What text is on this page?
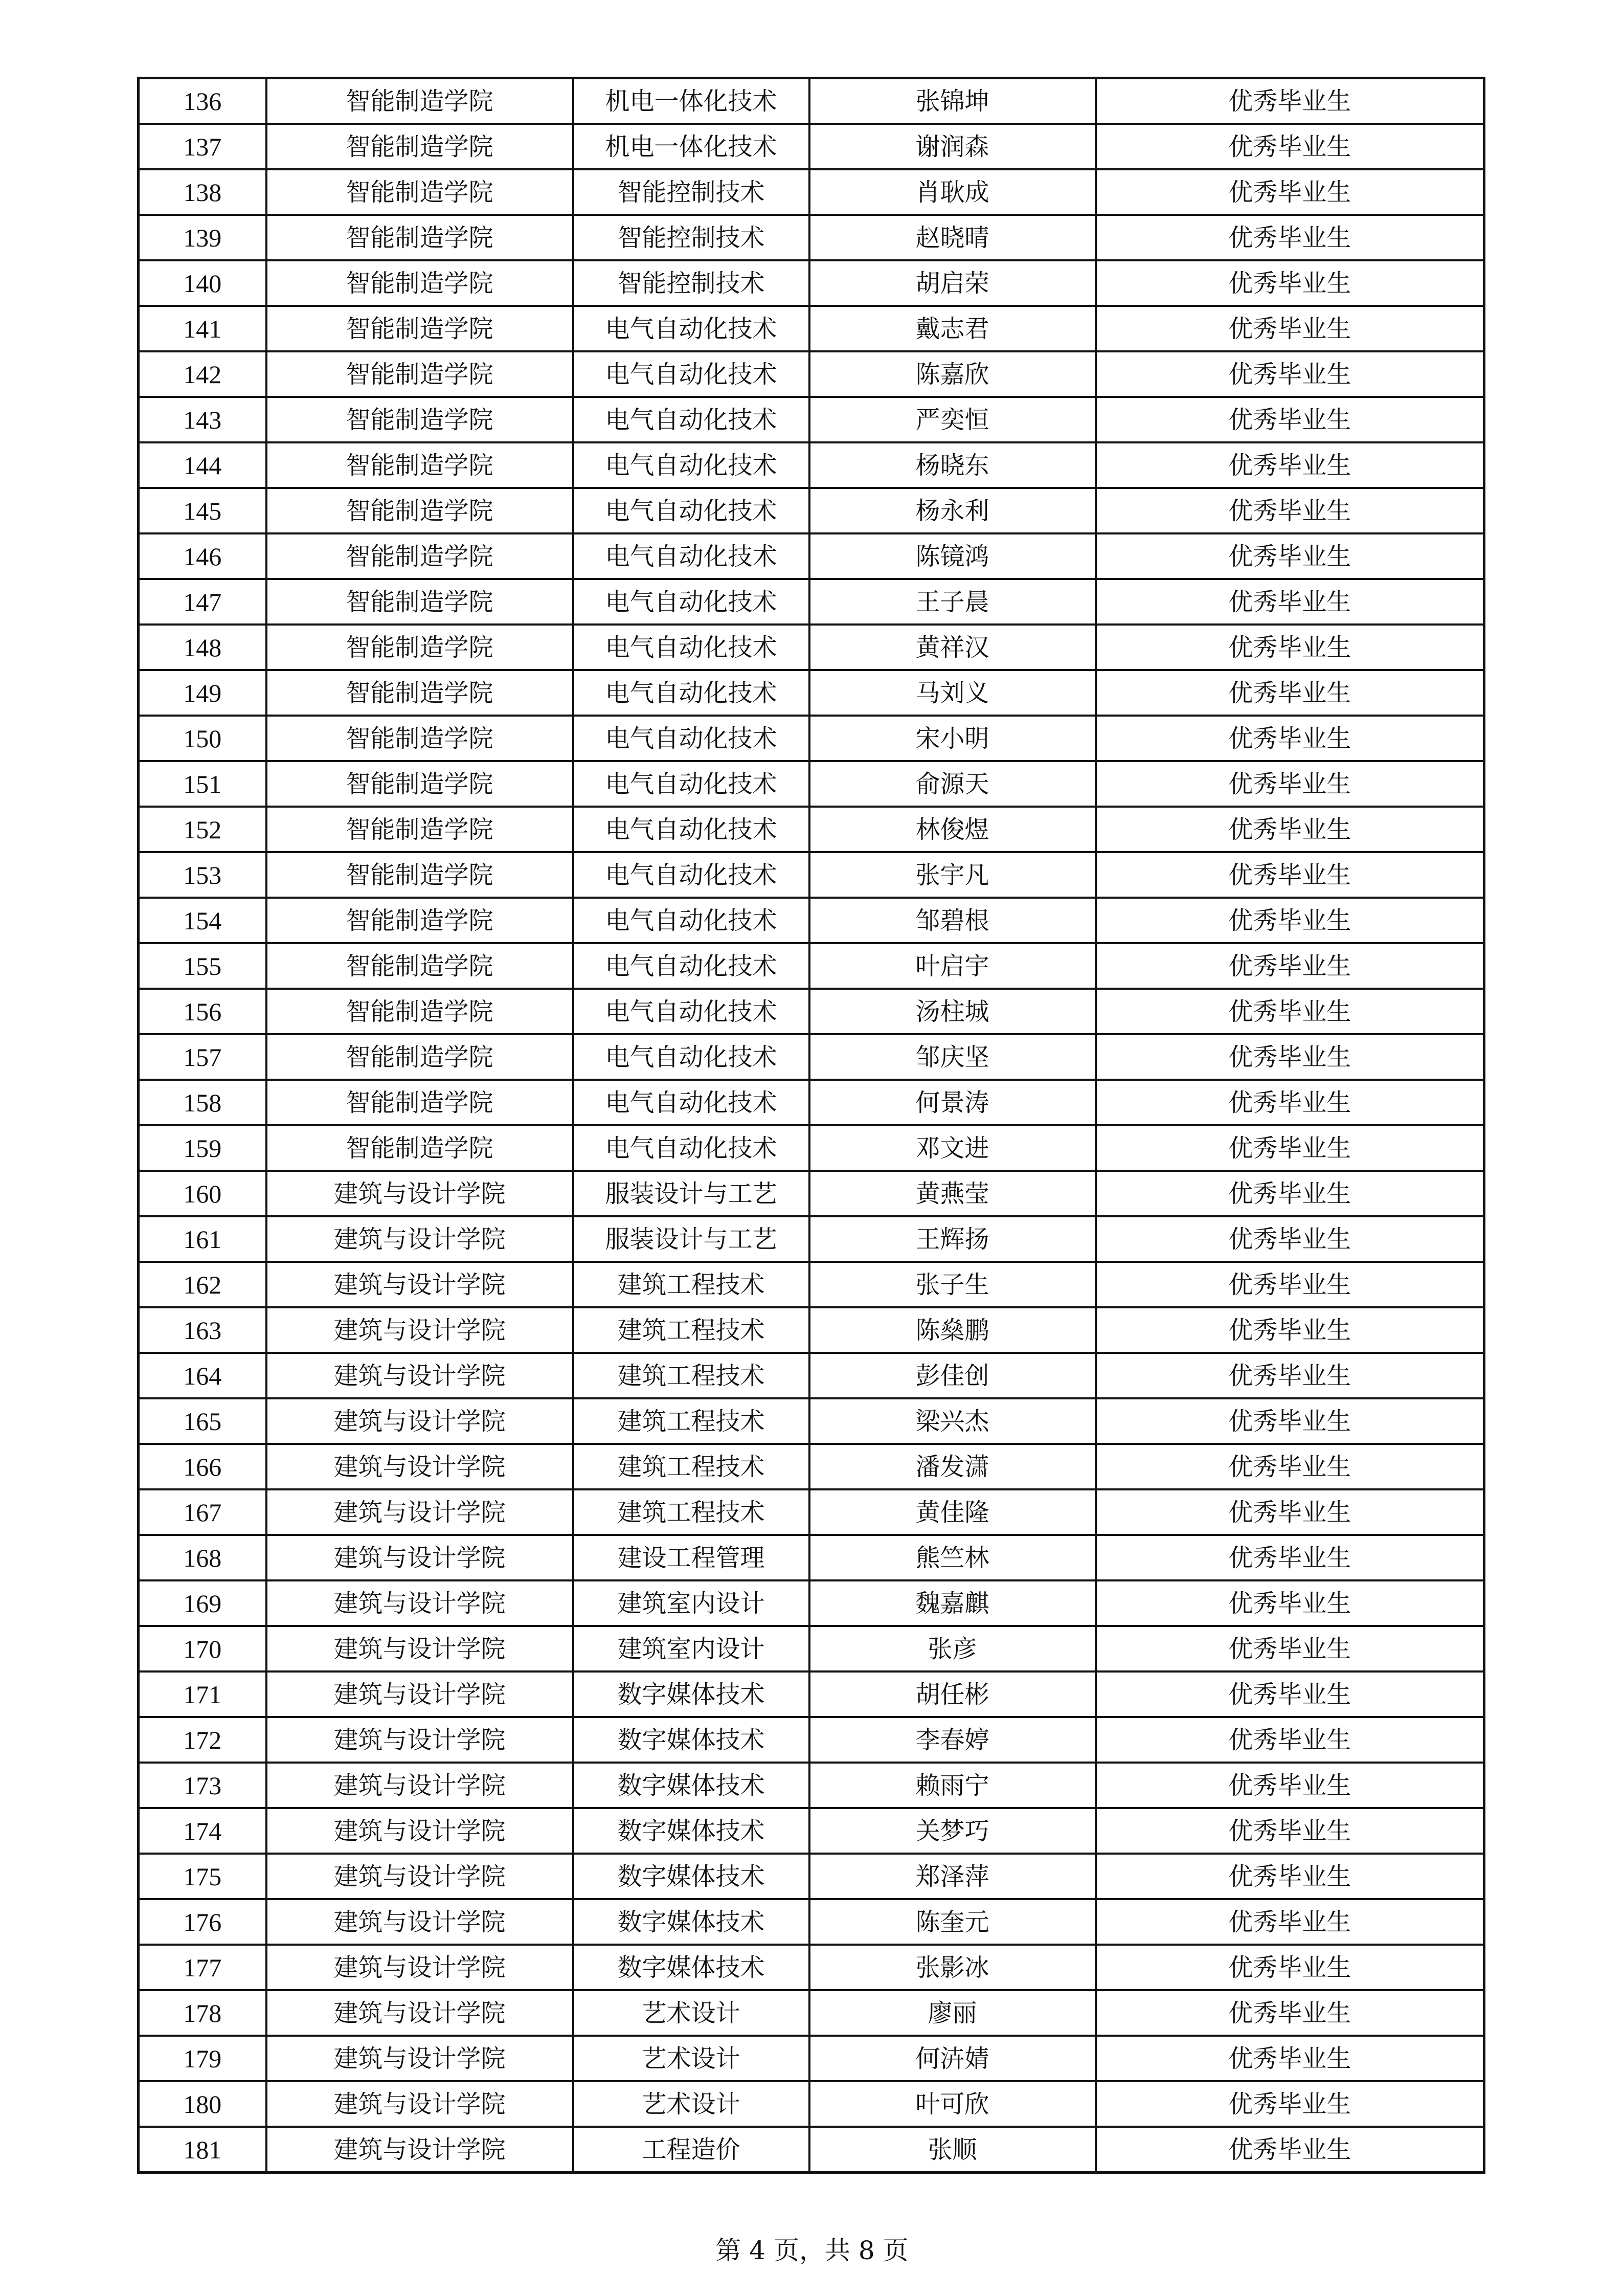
136	智能制造学院	机电一体化技术	张锦坤	优秀毕业生
137	智能制造学院	机电一体化技术	谢润森	优秀毕业生
138	智能制造学院	智能控制技术	肖耿成	优秀毕业生
139	智能制造学院	智能控制技术	赵晓晴	优秀毕业生
140	智能制造学院	智能控制技术	胡启荣	优秀毕业生
141	智能制造学院	电气自动化技术	戴志君	优秀毕业生
142	智能制造学院	电气自动化技术	陈嘉欣	优秀毕业生
143	智能制造学院	电气自动化技术	严奕恒	优秀毕业生
144	智能制造学院	电气自动化技术	杨晓东	优秀毕业生
145	智能制造学院	电气自动化技术	杨永利	优秀毕业生
146	智能制造学院	电气自动化技术	陈镜鸿	优秀毕业生
147	智能制造学院	电气自动化技术	王子晨	优秀毕业生
148	智能制造学院	电气自动化技术	黄祥汉	优秀毕业生
149	智能制造学院	电气自动化技术	马刘义	优秀毕业生
150	智能制造学院	电气自动化技术	宋小明	优秀毕业生
151	智能制造学院	电气自动化技术	俞源天	优秀毕业生
152	智能制造学院	电气自动化技术	林俊煜	优秀毕业生
153	智能制造学院	电气自动化技术	张宇凡	优秀毕业生
154	智能制造学院	电气自动化技术	邹碧根	优秀毕业生
155	智能制造学院	电气自动化技术	叶启宇	优秀毕业生
156	智能制造学院	电气自动化技术	汤柱城	优秀毕业生
157	智能制造学院	电气自动化技术	邹庆坚	优秀毕业生
158	智能制造学院	电气自动化技术	何景涛	优秀毕业生
159	智能制造学院	电气自动化技术	邓文进	优秀毕业生
160	建筑与设计学院	服装设计与工艺	黄燕莹	优秀毕业生
161	建筑与设计学院	服装设计与工艺	王辉扬	优秀毕业生
162	建筑与设计学院	建筑工程技术	张子生	优秀毕业生
163	建筑与设计学院	建筑工程技术	陈燊鹏	优秀毕业生
164	建筑与设计学院	建筑工程技术	彭佳创	优秀毕业生
165	建筑与设计学院	建筑工程技术	梁兴杰	优秀毕业生
166	建筑与设计学院	建筑工程技术	潘发潇	优秀毕业生
167	建筑与设计学院	建筑工程技术	黄佳隆	优秀毕业生
168	建筑与设计学院	建设工程管理	熊竺林	优秀毕业生
169	建筑与设计学院	建筑室内设计	魏嘉麒	优秀毕业生
170	建筑与设计学院	建筑室内设计	张彦	优秀毕业生
171	建筑与设计学院	数字媒体技术	胡任彬	优秀毕业生
172	建筑与设计学院	数字媒体技术	李春婷	优秀毕业生
173	建筑与设计学院	数字媒体技术	赖雨宁	优秀毕业生
174	建筑与设计学院	数字媒体技术	关梦巧	优秀毕业生
175	建筑与设计学院	数字媒体技术	郑泽萍	优秀毕业生
176	建筑与设计学院	数字媒体技术	陈奎元	优秀毕业生
177	建筑与设计学院	数字媒体技术	张影冰	优秀毕业生
178	建筑与设计学院	艺术设计	廖丽	优秀毕业生
179	建筑与设计学院	艺术设计	何泋婧	优秀毕业生
180	建筑与设计学院	艺术设计	叶可欣	优秀毕业生
181	建筑与设计学院	工程造价	张顺	优秀毕业生
第 4 页，共 8 页
